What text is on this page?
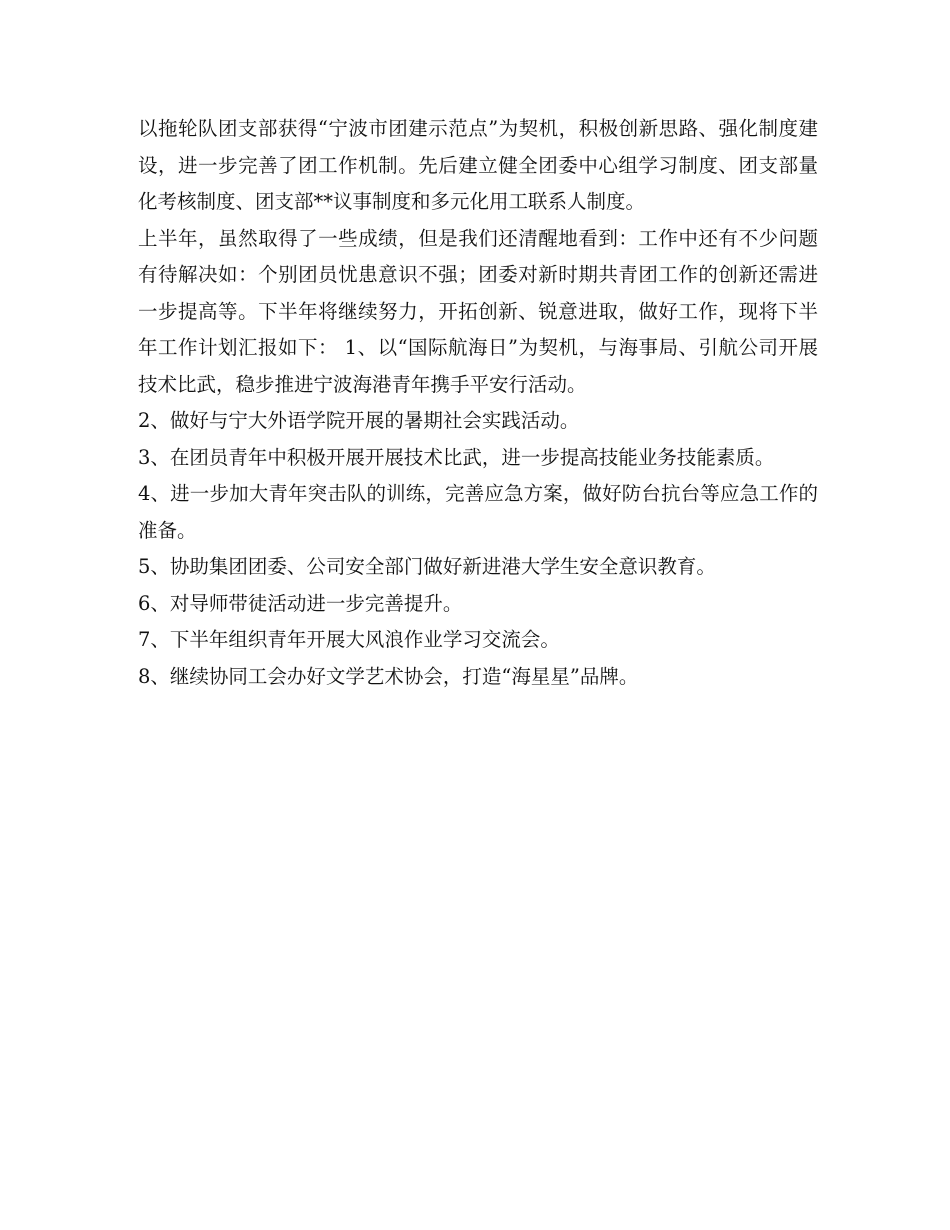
以拖轮队团支部获得“宁波市团建示范点”为契机，积极创新思路、强化制度建设，进一步完善了团工作机制。先后建立健全团委中心组学习制度、团支部量化考核制度、团支部**议事制度和多元化用工联系人制度。

上半年，虽然取得了一些成绩，但是我们还清醒地看到：工作中还有不少问题有待解决如：个别团员忧患意识不强；团委对新时期共青团工作的创新还需进一步提高等。下半年将继续努力，开拓创新、锐意进取，做好工作，现将下半年工作计划汇报如下： 1、以“国际航海日”为契机，与海事局、引航公司开展技术比武，稳步推进宁波海港青年携手平安行活动。

2、做好与宁大外语学院开展的暑期社会实践活动。

3、在团员青年中积极开展开展技术比武，进一步提高技能业务技能素质。

4、进一步加大青年突击队的训练，完善应急方案，做好防台抗台等应急工作的准备。

5、协助集团团委、公司安全部门做好新进港大学生安全意识教育。

6、对导师带徒活动进一步完善提升。

7、下半年组织青年开展大风浪作业学习交流会。

8、继续协同工会办好文学艺术协会，打造“海星星”品牌。
